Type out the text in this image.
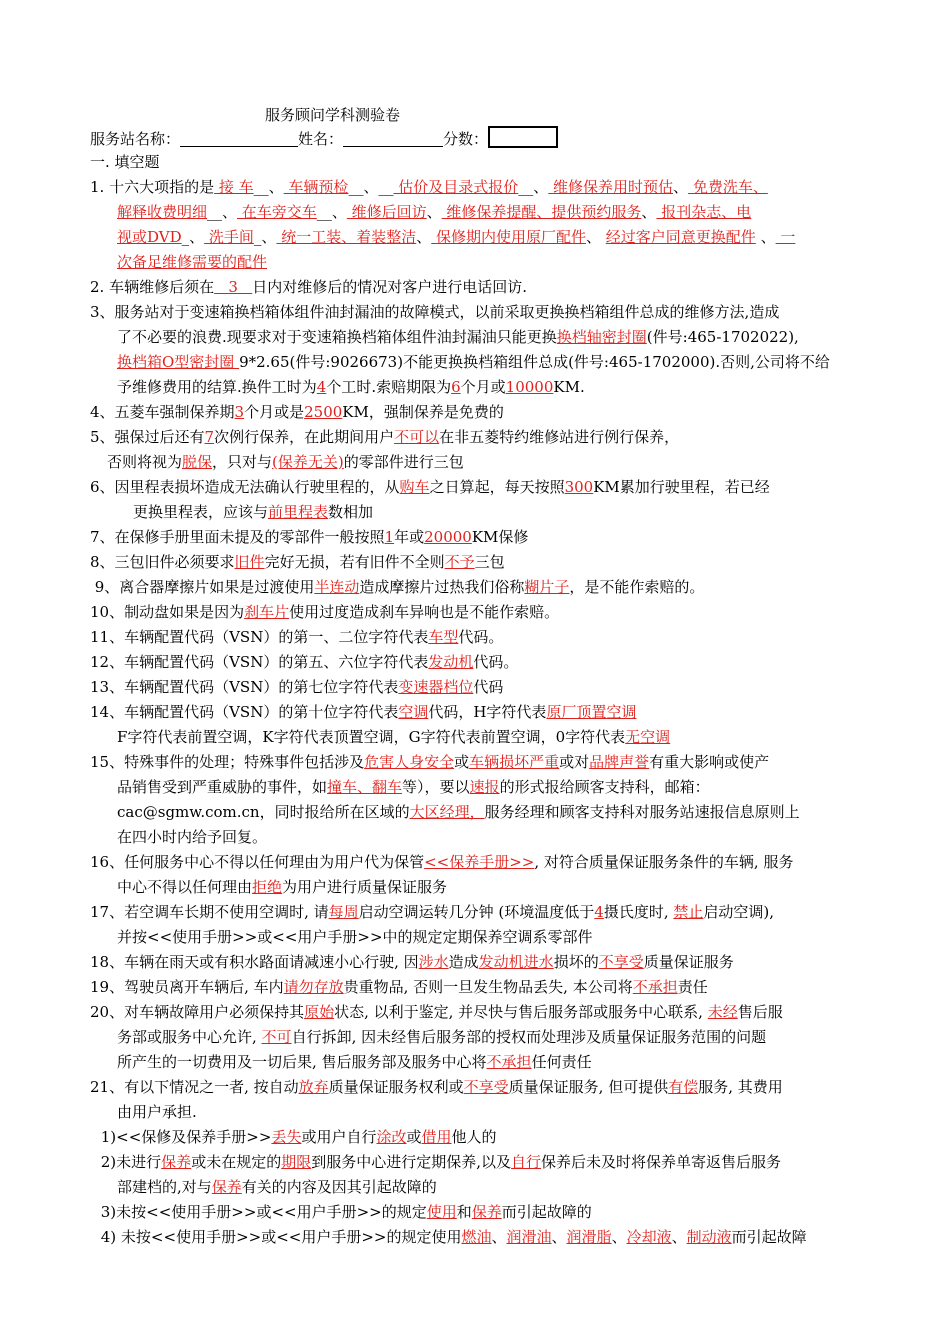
服务顾问学科测验卷
服务站名称：	姓名：	分数：
一. 填空题
1. 十六大项指的是 接 车__、 车辆预检__、__ 估价及目录式报价__、 维修保养用时预估、 免费洗车、
解释收费明细__、 在车旁交车__、 维修后回访、 维修保养提醒、提供预约服务、 报刊杂志、电
视或DVD_、 洗手间_、 统一工装、着装整洁、 保修期内使用原厂配件、 经过客户同意更换配件 、 一
次备足维修需要的配件
2. 车辆维修后须在   3   日内对维修后的情况对客户进行电话回访.
3、服务站对于变速箱换档箱体组件油封漏油的故障模式，以前采取更换换档箱组件总成的维修方法,造成
了不必要的浪费.现要求对于变速箱换档箱体组件油封漏油只能更换换档轴密封圈(件号:465-1702022),
换档箱O型密封圈 9*2.65(件号:9026673)不能更换换档箱组件总成(件号:465-1702000).否则,公司将不给
予维修费用的结算.换件工时为4个工时.索赔期限为6个月或10000KM.
4、五菱车强制保养期3个月或是2500KM，强制保养是免费的
5、强保过后还有7次例行保养，在此期间用户不可以在非五菱特约维修站进行例行保养，
否则将视为脱保，只对与(保养无关)的零部件进行三包
6、因里程表损坏造成无法确认行驶里程的，从购车之日算起，每天按照300KM累加行驶里程，若已经
更换里程表，应该与前里程表数相加
7、在保修手册里面未提及的零部件一般按照1年或20000KM保修
8、三包旧件必须要求旧件完好无损，若有旧件不全则不予三包
9、离合器摩擦片如果是过渡使用半连动造成摩擦片过热我们俗称糊片子，是不能作索赔的。
10、制动盘如果是因为刹车片使用过度造成刹车异响也是不能作索赔。
11、车辆配置代码（VSN）的第一、二位字符代表车型代码。
12、车辆配置代码（VSN）的第五、六位字符代表发动机代码。
13、车辆配置代码（VSN）的第七位字符代表变速器档位代码
14、车辆配置代码（VSN）的第十位字符代表空调代码，H字符代表原厂顶置空调
F字符代表前置空调，K字符代表顶置空调，G字符代表前置空调，0字符代表无空调
15、特殊事件的处理；特殊事件包括涉及危害人身安全或车辆损坏严重或对品牌声誉有重大影响或使产
品销售受到严重威胁的事件，如撞车、翻车等），要以速报的形式报给顾客支持科，邮箱：
cac@sgmw.com.cn，同时报给所在区域的大区经理，服务经理和顾客支持科对服务站速报信息原则上
在四小时内给予回复。
16、任何服务中心不得以任何理由为用户代为保管<<保养手册>>, 对符合质量保证服务条件的车辆, 服务
中心不得以任何理由拒绝为用户进行质量保证服务
17、若空调车长期不使用空调时, 请每周启动空调运转几分钟 (环境温度低于4摄氏度时, 禁止启动空调),
并按<<使用手册>>或<<用户手册>>中的规定定期保养空调系零部件
18、车辆在雨天或有积水路面请减速小心行驶, 因涉水造成发动机进水损坏的不享受质量保证服务
19、驾驶员离开车辆后, 车内请勿存放贵重物品, 否则一旦发生物品丢失, 本公司将不承担责任
20、对车辆故障用户必须保持其原始状态, 以利于鉴定, 并尽快与售后服务部或服务中心联系, 未经售后服
务部或服务中心允许, 不可自行拆卸, 因未经售后服务部的授权而处理涉及质量保证服务范围的问题
所产生的一切费用及一切后果, 售后服务部及服务中心将不承担任何责任
21、有以下情况之一者, 按自动放弃质量保证服务权利或不享受质量保证服务, 但可提供有偿服务, 其费用
由用户承担.
1)<<保修及保养手册>>丢失或用户自行涂改或借用他人的
2)未进行保养或未在规定的期限到服务中心进行定期保养,以及自行保养后未及时将保养单寄返售后服务
部建档的,对与保养有关的内容及因其引起故障的
3)未按<<使用手册>>或<<用户手册>>的规定使用和保养而引起故障的
4) 未按<<使用手册>>或<<用户手册>>的规定使用燃油、润滑油、润滑脂、冷却液、制动液而引起故障
